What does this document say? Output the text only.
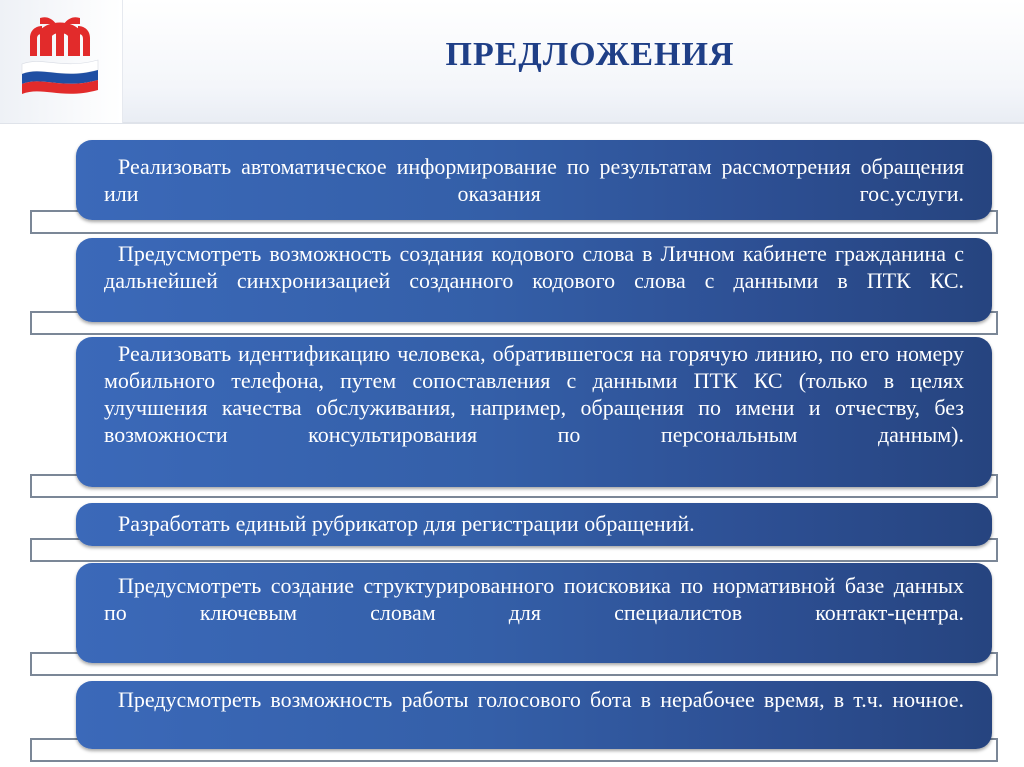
ПРЕДЛОЖЕНИЯ
Реализовать автоматическое информирование по результатам рассмотрения обращения или оказания гос.услуги.
Предусмотреть возможность создания кодового слова в Личном кабинете гражданина с дальнейшей синхронизацией созданного кодового слова с данными в ПТК КС.
Реализовать идентификацию человека, обратившегося на горячую линию, по его номеру мобильного телефона, путем сопоставления с данными ПТК КС (только в целях улучшения качества обслуживания, например, обращения по имени и отчеству, без возможности консультирования по персональным данным).
Разработать единый рубрикатор для регистрации обращений.
Предусмотреть создание структурированного поисковика по нормативной базе данных по ключевым словам для специалистов контакт-центра.
Предусмотреть возможность работы голосового бота в нерабочее время, в т.ч. ночное.
